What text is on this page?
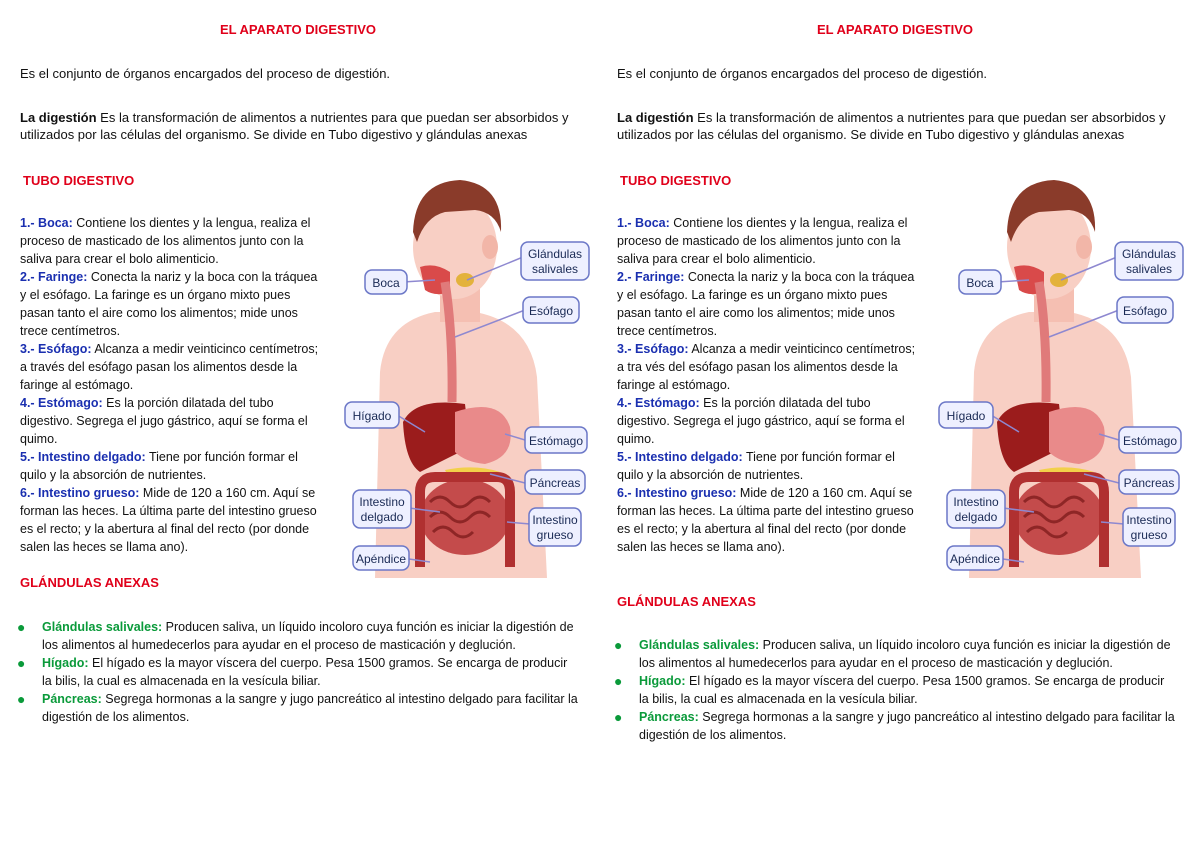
EL APARATO DIGESTIVO
Es el conjunto de órganos encargados del proceso de digestión.
La digestión Es la transformación de alimentos a nutrientes para que puedan ser absorbidos y utilizados por las células del organismo. Se divide en Tubo digestivo y glándulas anexas
TUBO DIGESTIVO
1.- Boca: Contiene los dientes y la lengua, realiza el proceso de masticado de los alimentos junto con la saliva para crear el bolo alimenticio.
2.- Faringe: Conecta la nariz y la boca con la tráquea y el esófago. La faringe es un órgano mixto pues pasan tanto el aire como los alimentos; mide unos trece centímetros.
3.- Esófago: Alcanza a medir veinticinco centímetros; a través del esófago pasan los alimentos desde la faringe al estómago.
4.- Estómago: Es la porción dilatada del tubo digestivo. Segrega el jugo gástrico, aquí se forma el quimo.
5.- Intestino delgado: Tiene por función formar el quilo y la absorción de nutrientes.
6.- Intestino grueso: Mide de 120 a 160 cm. Aquí se forman las heces. La última parte del intestino grueso es el recto; y la abertura al final del recto (por donde salen las heces se llama ano).
GLÁNDULAS ANEXAS
● Glándulas salivales: Producen saliva, un líquido incoloro cuya función es iniciar la digestión de los alimentos al humedecerlos para ayudar en el proceso de masticación y deglución.
● Hígado: El hígado es la mayor víscera del cuerpo. Pesa 1500 gramos. Se encarga de producir la bilis, la cual es almacenada en la vesícula biliar.
● Páncreas: Segrega hormonas a la sangre y jugo pancreático al intestino delgado para facilitar la digestión de los alimentos.
Boca
Glándulas
salivales
Esófago
Hígado
Estómago
Páncreas
Intestino
delgado	Intestino
grueso
Apéndice
EL APARATO DIGESTIVO
Es el conjunto de órganos encargados del proceso de digestión.
La digestión Es la transformación de alimentos a nutrientes para que puedan ser absorbidos y utilizados por las células del organismo. Se divide en Tubo digestivo y glándulas anexas
TUBO DIGESTIVO
1.- Boca: Contiene los dientes y la lengua, realiza el proceso de masticado de los alimentos junto con la saliva para crear el bolo alimenticio.
2.- Faringe: Conecta la nariz y la boca con la tráquea y el esófago. La faringe es un órgano mixto pues pasan tanto el aire como los alimentos; mide unos trece centímetros.
3.- Esófago: Alcanza a medir veinticinco centímetros; a tra vés del esófago pasan los alimentos desde la faringe al estómago.
4.- Estómago: Es la porción dilatada del tubo digestivo. Segrega el jugo gástrico, aquí se forma el quimo.
5.- Intestino delgado: Tiene por función formar el quilo y la absorción de nutrientes.
6.- Intestino grueso: Mide de 120 a 160 cm. Aquí se forman las heces. La última parte del intestino grueso es el recto; y la abertura al final del recto (por donde salen las heces se llama ano).
GLÁNDULAS ANEXAS
● Glándulas salivales: Producen saliva, un líquido incoloro cuya función es iniciar la digestión de los alimentos al humedecerlos para ayudar en el proceso de masticación y deglución.
● Hígado: El hígado es la mayor víscera del cuerpo. Pesa 1500 gramos. Se encarga de producir la bilis, la cual es almacenada en la vesícula biliar.
● Páncreas: Segrega hormonas a la sangre y jugo pancreático al intestino delgado para facilitar la digestión de los alimentos.
Boca
Glándulas
salivales
Esófago
Hígado
Estómago
Páncreas
Intestino
delgado	Intestino
grueso
Apéndice
